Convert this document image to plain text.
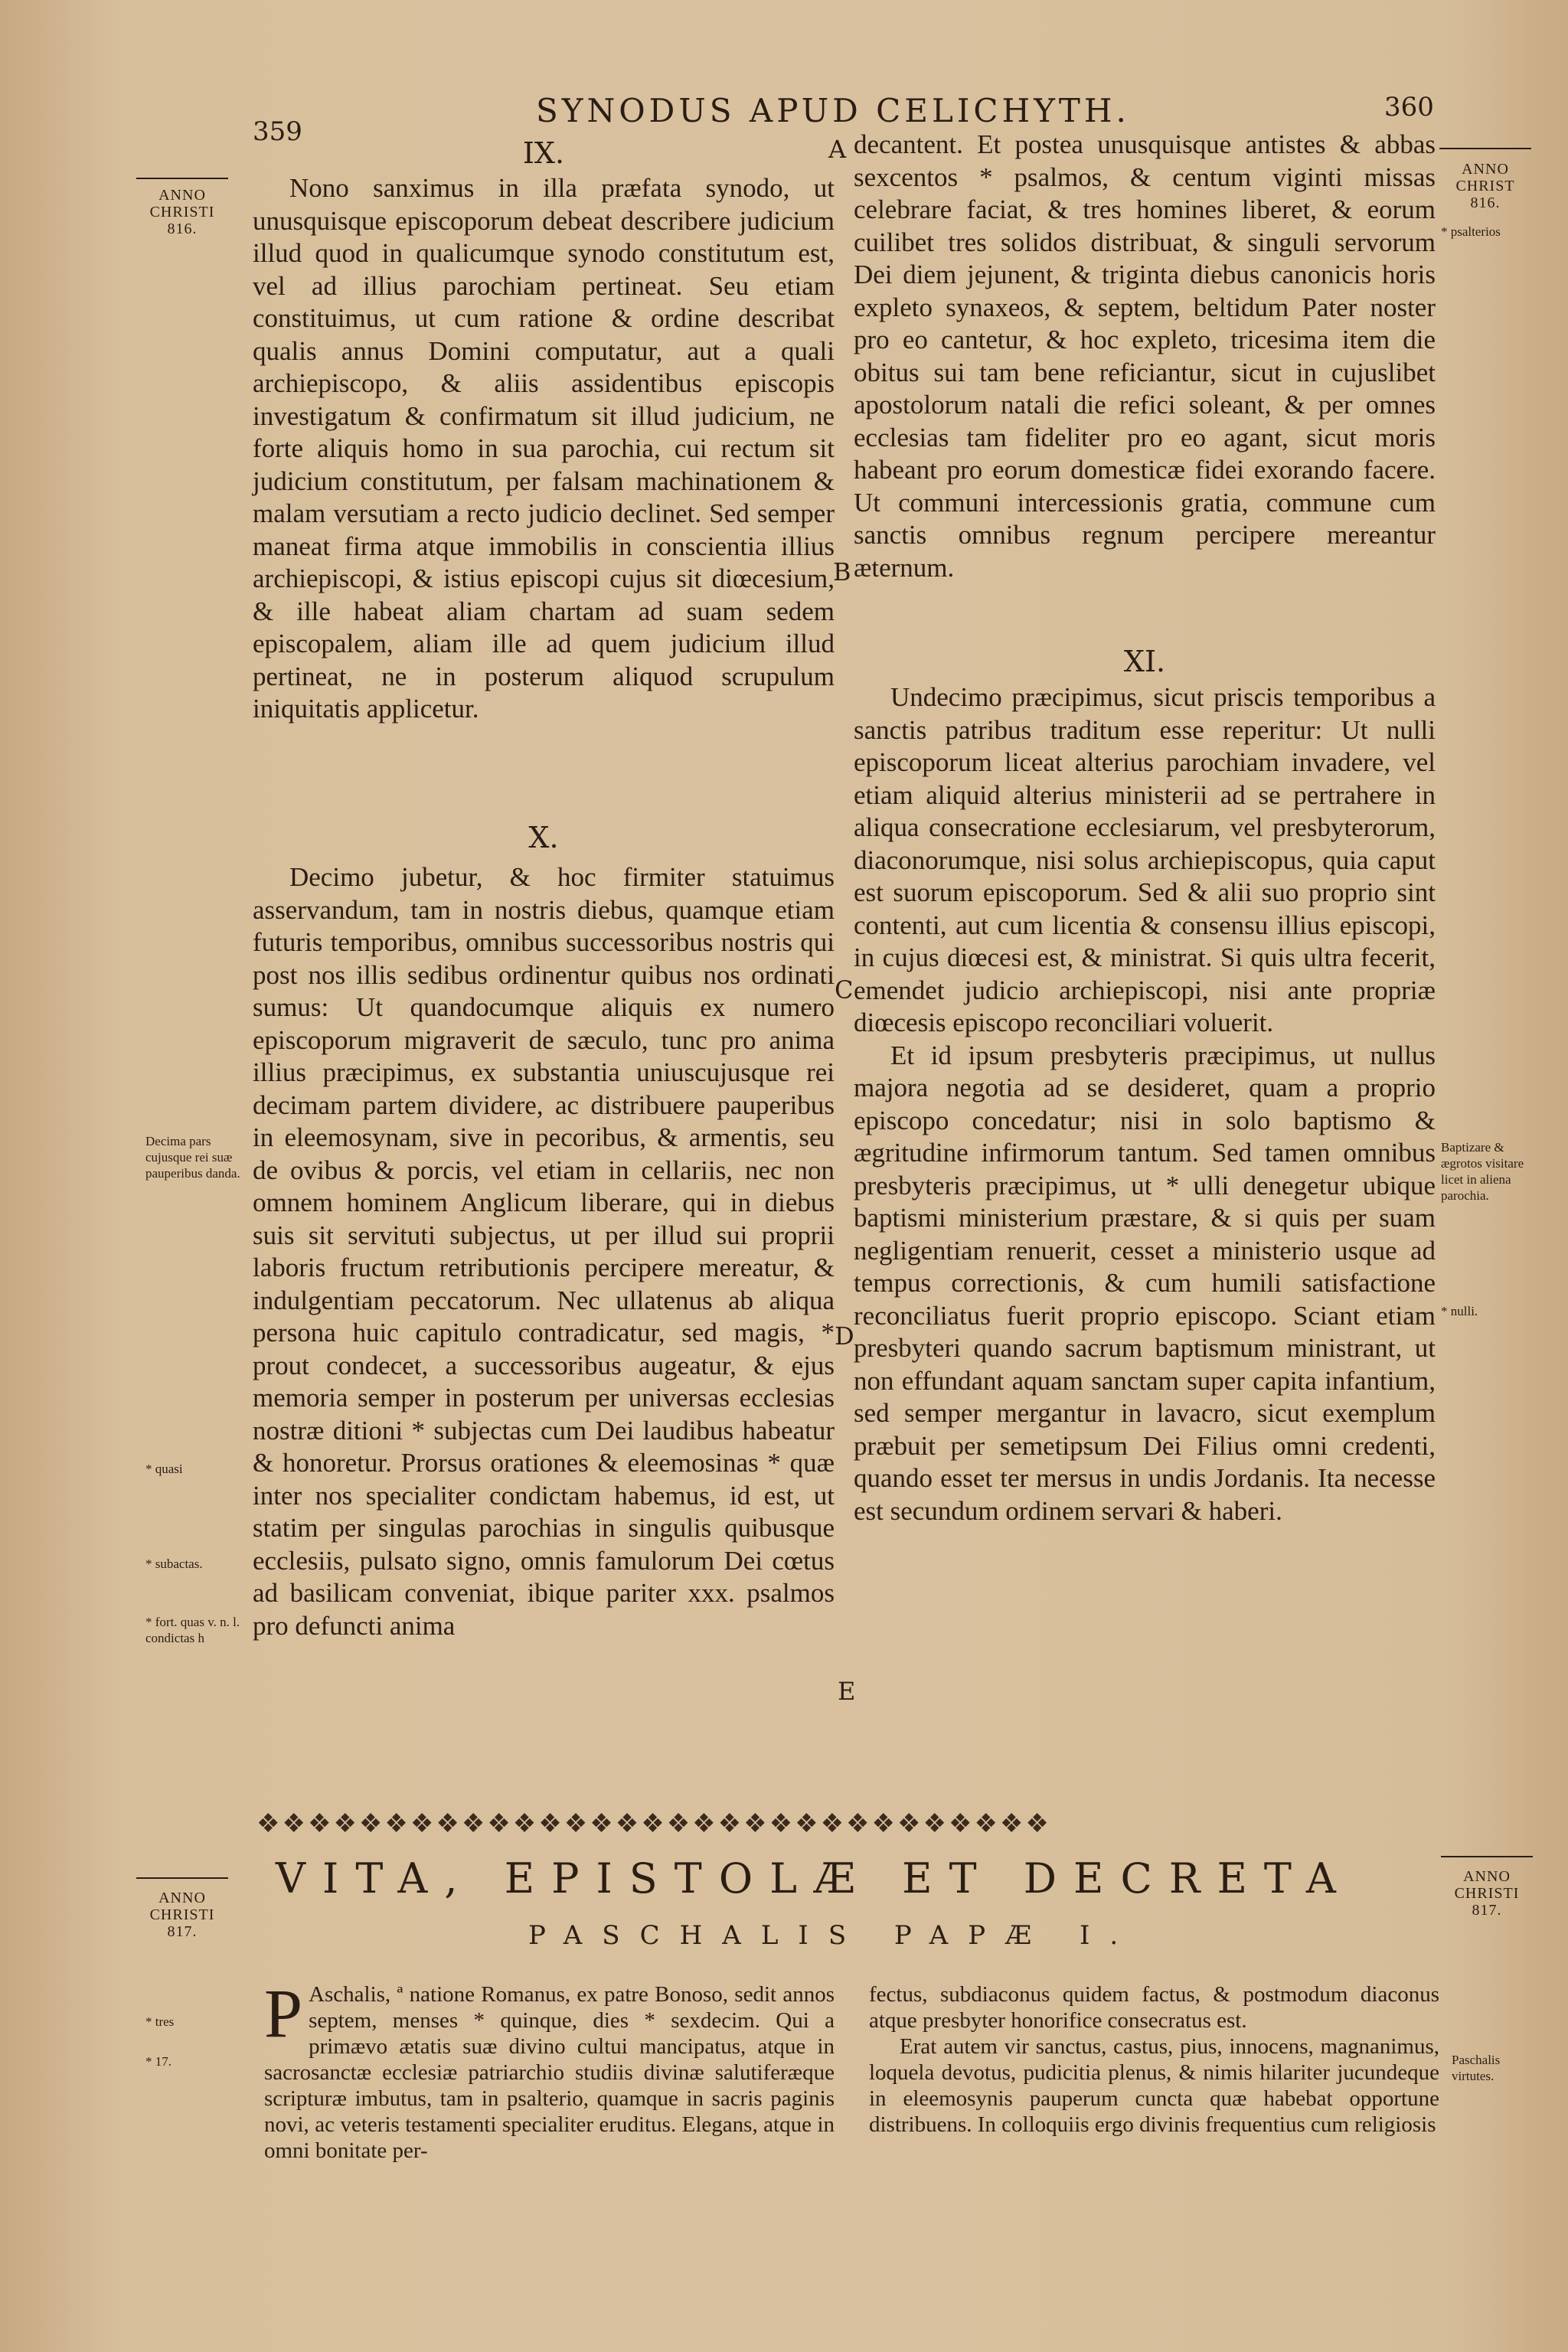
359
SYNODUS APUD CELICHYTH.	360
ANNO CHRISTI 816.
ANNO CHRIST 816.
IX.

Nono sanximus in illa præfata synodo, ut unusquisque episcoporum debeat describere judicium illud quod in qualicumque synodo constitutum est, vel ad illius parochiam pertineat. Seu etiam constituimus, ut cum ratione & ordine describat qualis annus Domini computatur, aut a quali archiepiscopo, & aliis assidentibus episcopis investigatum & confirmatum sit illud judicium, ne forte aliquis homo in sua parochia, cui rectum sit judicium constitutum, per falsam machinationem & malam versutiam a recto judicio declinet. Sed semper maneat firma atque immobilis in conscientia illius archiepiscopi, & istius episcopi cujus sit diœcesium, & ille habeat aliam chartam ad suam sedem episcopalem, aliam ille ad quem judicium illud pertineat, ne in posterum aliquod scrupulum iniquitatis applicetur.

X.

Decimo jubetur, & hoc firmiter statuimus asservandum, tam in nostris diebus, quamque etiam futuris temporibus, omnibus successoribus nostris qui post nos illis sedibus ordinentur quibus nos ordinati sumus: Ut quandocumque aliquis ex numero episcoporum migraverit de sæculo, tunc pro anima illius præcipimus, ex substantia uniuscujusque rei decimam partem dividere, ac distribuere pauperibus in eleemosynam, sive in pecoribus, & armentis, seu de ovibus & porcis, vel etiam in cellariis, nec non omnem hominem Anglicum liberare, qui in diebus suis sit servituti subjectus, ut per illud sui proprii laboris fructum retributionis percipere mereatur, & indulgentiam peccatorum. Nec ullatenus ab aliqua persona huic capitulo contradicatur, sed magis, * prout condecet, a successoribus augeatur, & ejus memoria semper in posterum per universas ecclesias nostræ ditioni * subjectas cum Dei laudibus habeatur & honoretur. Prorsus orationes & eleemosinas * quæ inter nos specialiter condictam habemus, id est, ut statim per singulas parochias in singulis quibusque ecclesiis, pulsato signo, omnis famulorum Dei cœtus ad basilicam conveniat, ibique pariter xxx. psalmos pro defuncti anima

Decima pars cujusque rei suæ pauperibus danda.
* quasi
* subactas.
* fort. quas v. n. l. condictas h
A
B
C
D
E

decantent. Et postea unusquisque antistes & abbas sexcentos * psalmos, & centum viginti missas celebrare faciat, & tres homines liberet, & eorum cuilibet tres solidos distribuat, & singuli servorum Dei diem jejunent, & triginta diebus canonicis horis expleto synaxeos, & septem, beltidum Pater noster pro eo cantetur, & hoc expleto, tricesima item die obitus sui tam bene reficiantur, sicut in cujuslibet apostolorum natali die refici soleant, & per omnes ecclesias tam fideliter pro eo agant, sicut moris habeant pro eorum domesticæ fidei exorando facere. Ut communi intercessionis gratia, commune cum sanctis omnibus regnum percipere mereantur æternum.

XI.

Undecimo præcipimus, sicut priscis temporibus a sanctis patribus traditum esse reperitur: Ut nulli episcoporum liceat alterius parochiam invadere, vel etiam aliquid alterius ministerii ad se pertrahere in aliqua consecratione ecclesiarum, vel presbyterorum, diaconorumque, nisi solus archiepiscopus, quia caput est suorum episcoporum. Sed & alii suo proprio sint contenti, aut cum licentia & consensu illius episcopi, in cujus diœcesi est, & ministrat. Si quis ultra fecerit, emendet judicio archiepiscopi, nisi ante propriæ diœcesis episcopo reconciliari voluerit.

Et id ipsum presbyteris præcipimus, ut nullus majora negotia ad se desideret, quam a proprio episcopo concedatur; nisi in solo baptismo & ægritudine infirmorum tantum. Sed tamen omnibus presbyteris præcipimus, ut * ulli denegetur ubique baptismi ministerium præstare, & si quis per suam negligentiam renuerit, cesset a ministerio usque ad tempus correctionis, & cum humili satisfactione reconciliatus fuerit proprio episcopo. Sciant etiam presbyteri quando sacrum baptismum ministrant, ut non effundant aquam sanctam super capita infantium, sed semper mergantur in lavacro, sicut exemplum præbuit per semetipsum Dei Filius omni credenti, quando esset ter mersus in undis Jordanis. Ita necesse est secundum ordinem servari & haberi.

* psalterios
Baptizare & ægrotos visitare licet in aliena parochia.
* nulli.
❖❖❖❖❖❖❖❖❖❖❖❖❖❖❖❖❖❖❖❖❖❖❖❖❖❖❖❖❖❖❖
ANNO CHRISTI 817.
ANNO CHRISTI 817.
VITA, EPISTOLÆ ET DECRETA
PASCHALIS PAPÆ I.
P Aschalis, ª natione Romanus, ex patre Bonoso, sedit annos septem, menses * quinque, dies * sexdecim. Qui a primævo ætatis suæ divino cultui mancipatus, atque in sacrosanctæ ecclesiæ patriarchio studiis divinæ salutiferæque scripturæ imbutus, tam in psalterio, quamque in sacris paginis novi, ac veteris testamenti specialiter eruditus. Elegans, atque in omni bonitate per-

fectus, subdiaconus quidem factus, & postmodum diaconus atque presbyter honorifice consecratus est.

Erat autem vir sanctus, castus, pius, innocens, magnanimus, loquela devotus, pudicitia plenus, & nimis hilariter jucundeque in eleemosynis pauperum cuncta quæ habebat opportune distribuens. In colloquiis ergo divinis frequentius cum religiosis

* tres
* 17.	Paschalis virtutes.
